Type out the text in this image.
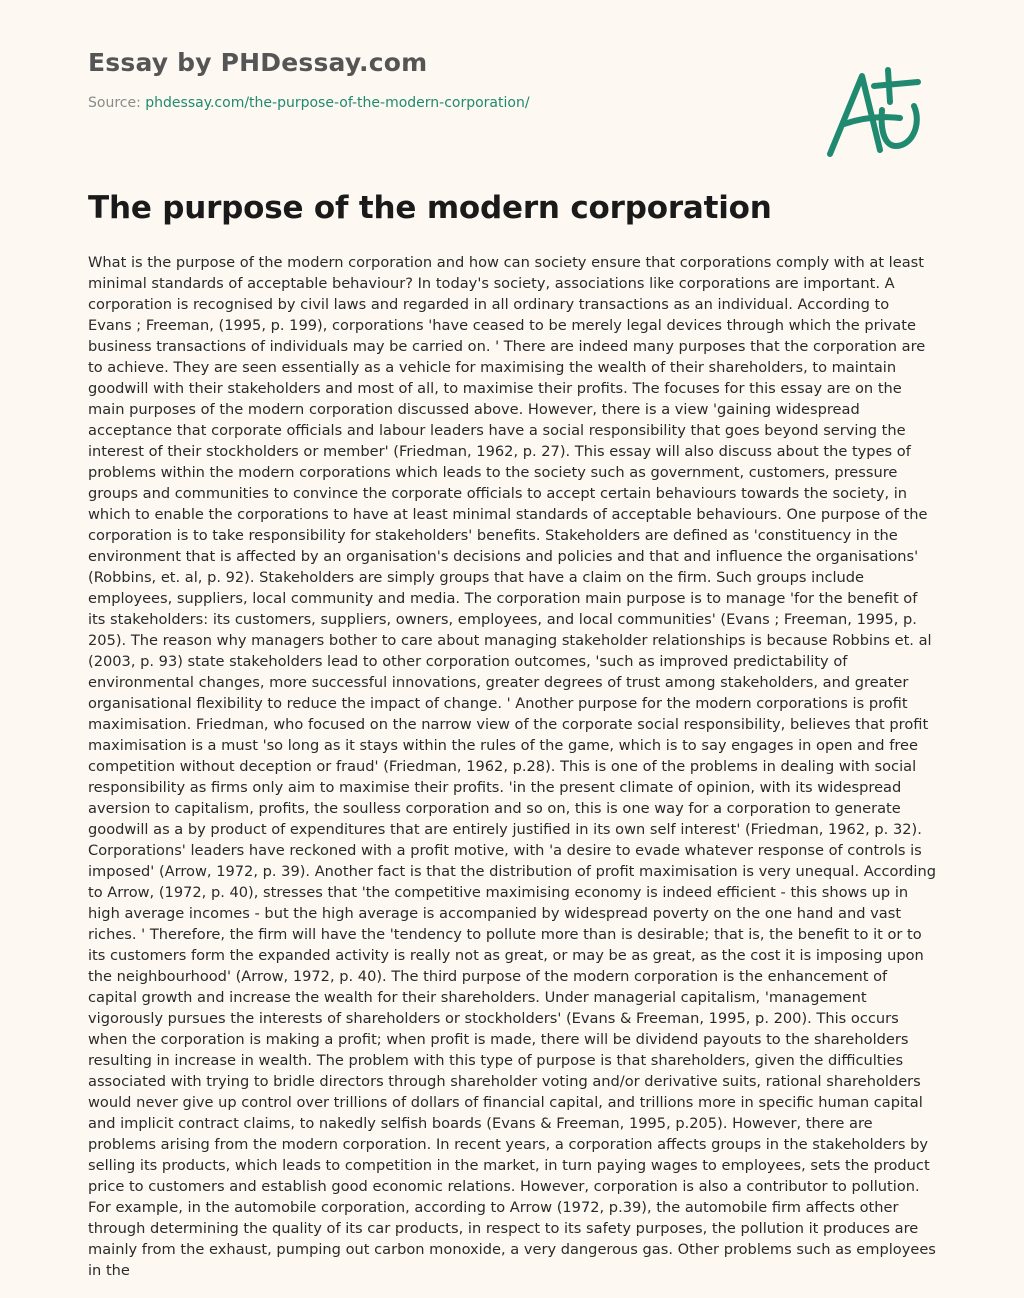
Essay by PHDessay.com
Source: phdessay.com/the-purpose-of-the-modern-corporation/
The purpose of the modern corporation

What is the purpose of the modern corporation and how can society ensure that corporations comply with at least minimal standards of acceptable behaviour? In today's society, associations like corporations are important. A corporation is recognised by civil laws and regarded in all ordinary transactions as an individual. According to Evans ; Freeman, (1995, p. 199), corporations 'have ceased to be merely legal devices through which the private business transactions of individuals may be carried on. ' There are indeed many purposes that the corporation are to achieve. They are seen essentially as a vehicle for maximising the wealth of their shareholders, to maintain goodwill with their stakeholders and most of all, to maximise their profits. The focuses for this essay are on the main purposes of the modern corporation discussed above. However, there is a view 'gaining widespread acceptance that corporate officials and labour leaders have a social responsibility that goes beyond serving the interest of their stockholders or member' (Friedman, 1962, p. 27). This essay will also discuss about the types of problems within the modern corporations which leads to the society such as government, customers, pressure groups and communities to convince the corporate officials to accept certain behaviours towards the society, in which to enable the corporations to have at least minimal standards of acceptable behaviours. One purpose of the corporation is to take responsibility for stakeholders' benefits. Stakeholders are defined as 'constituency in the environment that is affected by an organisation's decisions and policies and that and influence the organisations' (Robbins, et. al, p. 92). Stakeholders are simply groups that have a claim on the firm. Such groups include employees, suppliers, local community and media. The corporation main purpose is to manage 'for the benefit of its stakeholders: its customers, suppliers, owners, employees, and local communities' (Evans ; Freeman, 1995, p. 205). The reason why managers bother to care about managing stakeholder relationships is because Robbins et. al (2003, p. 93) state stakeholders lead to other corporation outcomes, 'such as improved predictability of environmental changes, more successful innovations, greater degrees of trust among stakeholders, and greater organisational flexibility to reduce the impact of change. ' Another purpose for the modern corporations is profit maximisation. Friedman, who focused on the narrow view of the corporate social responsibility, believes that profit maximisation is a must 'so long as it stays within the rules of the game, which is to say engages in open and free competition without deception or fraud' (Friedman, 1962, p.28). This is one of the problems in dealing with social responsibility as firms only aim to maximise their profits. 'in the present climate of opinion, with its widespread aversion to capitalism, profits, the soulless corporation and so on, this is one way for a corporation to generate goodwill as a by product of expenditures that are entirely justified in its own self interest' (Friedman, 1962, p. 32). Corporations' leaders have reckoned with a profit motive, with 'a desire to evade whatever response of controls is imposed' (Arrow, 1972, p. 39). Another fact is that the distribution of profit maximisation is very unequal. According to Arrow, (1972, p. 40), stresses that 'the competitive maximising economy is indeed efficient - this shows up in high average incomes - but the high average is accompanied by widespread poverty on the one hand and vast riches. ' Therefore, the firm will have the 'tendency to pollute more than is desirable; that is, the benefit to it or to its customers form the expanded activity is really not as great, or may be as great, as the cost it is imposing upon the neighbourhood' (Arrow, 1972, p. 40). The third purpose of the modern corporation is the enhancement of capital growth and increase the wealth for their shareholders. Under managerial capitalism, 'management vigorously pursues the interests of shareholders or stockholders' (Evans & Freeman, 1995, p. 200). This occurs when the corporation is making a profit; when profit is made, there will be dividend payouts to the shareholders resulting in increase in wealth. The problem with this type of purpose is that shareholders, given the difficulties associated with trying to bridle directors through shareholder voting and/or derivative suits, rational shareholders would never give up control over trillions of dollars of financial capital, and trillions more in specific human capital and implicit contract claims, to nakedly selfish boards (Evans & Freeman, 1995, p.205). However, there are problems arising from the modern corporation. In recent years, a corporation affects groups in the stakeholders by selling its products, which leads to competition in the market, in turn paying wages to employees, sets the product price to customers and establish good economic relations. However, corporation is also a contributor to pollution. For example, in the automobile corporation, according to Arrow (1972, p.39), the automobile firm affects other through determining the quality of its car products, in respect to its safety purposes, the pollution it produces are mainly from the exhaust, pumping out carbon monoxide, a very dangerous gas. Other problems such as employees in the
